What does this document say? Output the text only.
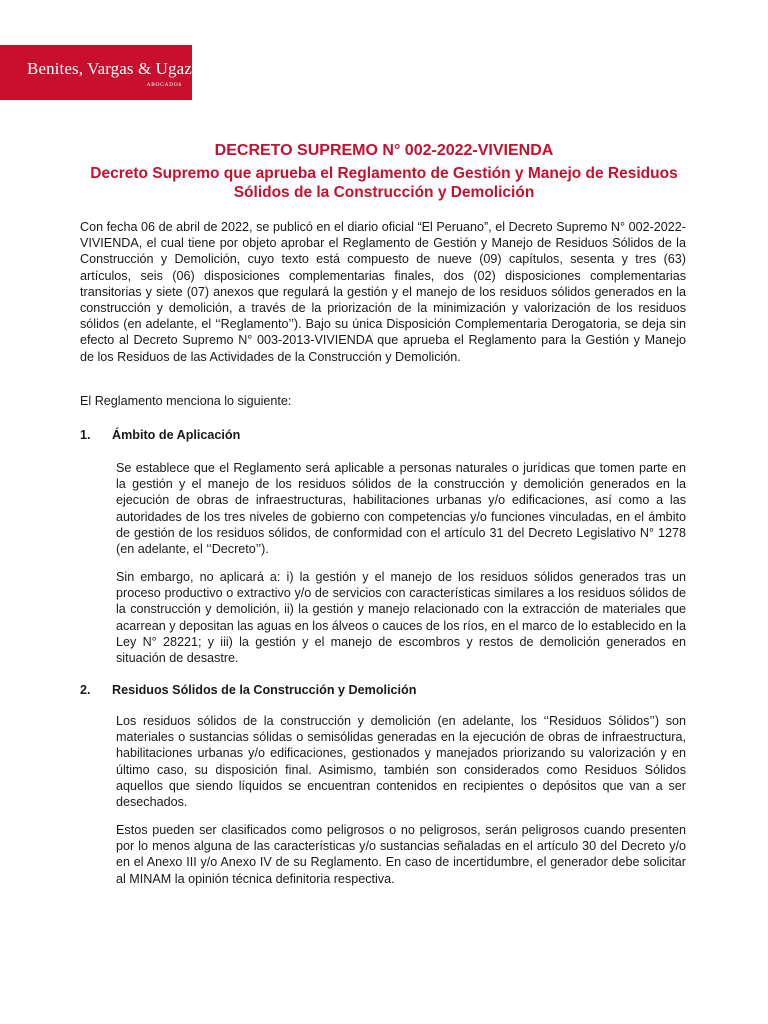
Benites, Vargas & Ugaz
ABOGADOS
DECRETO SUPREMO N° 002-2022-VIVIENDA
Decreto Supremo que aprueba el Reglamento de Gestión y Manejo de Residuos Sólidos de la Construcción y Demolición

Con fecha 06 de abril de 2022, se publicó en el diario oficial “El Peruano”, el Decreto Supremo N° 002-2022-VIVIENDA, el cual tiene por objeto aprobar el Reglamento de Gestión y Manejo de Residuos Sólidos de la Construcción y Demolición, cuyo texto está compuesto de nueve (09) capítulos, sesenta y tres (63) artículos, seis (06) disposiciones complementarias finales, dos (02) disposiciones complementarias transitorias y siete (07) anexos que regulará la gestión y el manejo de los residuos sólidos generados en la construcción y demolición, a través de la priorización de la minimización y valorización de los residuos sólidos (en adelante, el ‘‘Reglamento’’). Bajo su única Disposición Complementaria Derogatoria, se deja sin efecto al Decreto Supremo N° 003-2013-VIVIENDA que aprueba el Reglamento para la Gestión y Manejo de los Residuos de las Actividades de la Construcción y Demolición.

El Reglamento menciona lo siguiente:

1. Ámbito de Aplicación

Se establece que el Reglamento será aplicable a personas naturales o jurídicas que tomen parte en la gestión y el manejo de los residuos sólidos de la construcción y demolición generados en la ejecución de obras de infraestructuras, habilitaciones urbanas y/o edificaciones, así como a las autoridades de los tres niveles de gobierno con competencias y/o funciones vinculadas, en el ámbito de gestión de los residuos sólidos, de conformidad con el artículo 31 del Decreto Legislativo N° 1278 (en adelante, el ‘‘Decreto’’).

Sin embargo, no aplicará a: i) la gestión y el manejo de los residuos sólidos generados tras un proceso productivo o extractivo y/o de servicios con características similares a los residuos sólidos de la construcción y demolición, ii) la gestión y manejo relacionado con la extracción de materiales que acarrean y depositan las aguas en los álveos o cauces de los ríos, en el marco de lo establecido en la Ley N° 28221; y iii) la gestión y el manejo de escombros y restos de demolición generados en situación de desastre.

2. Residuos Sólidos de la Construcción y Demolición

Los residuos sólidos de la construcción y demolición (en adelante, los ‘‘Residuos Sólidos’’) son materiales o sustancias sólidas o semisólidas generadas en la ejecución de obras de infraestructura, habilitaciones urbanas y/o edificaciones, gestionados y manejados priorizando su valorización y en último caso, su disposición final. Asimismo, también son considerados como Residuos Sólidos aquellos que siendo líquidos se encuentran contenidos en recipientes o depósitos que van a ser desechados.

Estos pueden ser clasificados como peligrosos o no peligrosos, serán peligrosos cuando presenten por lo menos alguna de las características y/o sustancias señaladas en el artículo 30 del Decreto y/o en el Anexo III y/o Anexo IV de su Reglamento. En caso de incertidumbre, el generador debe solicitar al MINAM la opinión técnica definitoria respectiva.
